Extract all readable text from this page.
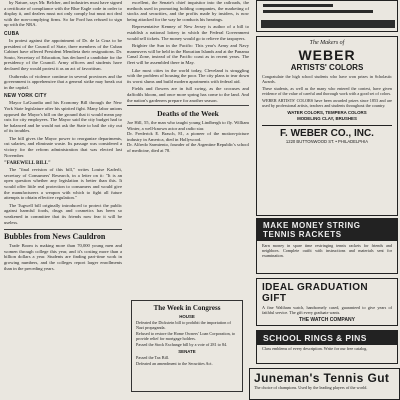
by Nature, says Mr. Belcher, and industries must have signed a certificate of compliance with the Blue Eagle code in order to display it, and dealers must not only comply but must not deal with the non-complying firms. So far Ford has refused to sign up with the NRA.

CUBA

In protest against the appointment of Dr. de la Cruz to be president of the Council of State, three members of the Cuban Cabinet have offered President Mendieta their resignations. Dr. Souto, Secretary of Education, has declared a candidate for the presidency of the Council. Army officers and students have declared they would protest it as an act of favoritism.

Outbreaks of violence continue in several provinces and the government is apprehensive that a general strike may break out in the capital.

NEW YORK CITY

Mayor LaGuardia and his Economy Bill through the New York State legislature after his spirited fight. Many labor unions opposed the Mayor's bill on the ground that it would mean pay cuts for city employees. The Mayor said the city budget had to be balanced and he would not ask the State to bail the city out of its troubles.

The bill gives the Mayor power to reorganize departments, cut salaries, and eliminate waste. Its passage was considered a victory for the reform administration that was elected last November.

"FAREWELL BILL"

The "final revision of this bill," writes Louise Kaderli, secretary of Consumers' Research, in a letter on it: "It is an open question whether any legislation is better than this. It would offer little real protection to consumers and would give the manufacturers a weapon with which to fight all future attempts to obtain effective regulation."

The Tugwell bill originally introduced to protect the public against harmful foods, drugs and cosmetics has been so weakened in committee that its friends now fear it will be useless.

Bubbles from News Cauldron

Trade Boom is making more than 70,000 young men and women through college this year, and it's costing more than a billion dollars a year. Students are finding part-time work in growing numbers, and the colleges report larger enrollments than in the preceding years.

excellent, the Senate's chief inquisitor into the railroads, the methods used in promoting holding companies, the marketing of stocks and securities, and the profits made by insiders, is now being attacked for the way he conducts his hearings.

Representative Kenney of New Jersey is author of a bill to establish a national lottery in which the Federal Government would sell tickets. The money would go to relieve the taxpayers.

Brighter the Sun in the Pacific: This year's Army and Navy maneuvers will be held in the Hawaiian Islands and at the Panama Canal Zone, instead of the Pacific coast as in recent years. The fleet will be assembled there in May.

Like most cities in the world today, Cleveland is struggling with the problem of housing the poor. The city plans to tear down its worst slums and build modern apartments with federal aid.

Fields and flowers are in full swing, as the crocuses and daffodils bloom, and once more spring has come to the land. And the nation's gardeners prepare for another season.

Deaths of the Week

Joe Hill, 55, the man who taught young Lindbergh to fly. William Winter, a well-known actor and radio star.

Dr. Frederick E. Brasch, 81, a pioneer of the motion-picture industry in America, died in Hollywood.

Dr. Alfredo Sarmiento, founder of the Argentine Republic's school of medicine, died at 78.

The Week in Congress
HOUSE

Defeated the Dickstein bill to prohibit the importation of Nazi propaganda.

Refused to restore the Home Owners' Loan Corporation, to provide relief for mortgage holders.

Passed the Stock Exchange bill by a vote of 281 to 84.

SENATE

Passed the Tax Bill.

Defeated an amendment to the Securities Act.

The Makers of
WEBER
ARTISTS' COLORS

Congratulate the high school students who have won prizes in Scholastic Awards.

These students, as well as the many who entered the contest, have given evidence of the value of careful and thorough work with a good set of colors.

WEBER ARTISTS' COLORS have been awarded prizes since 1853 and are used by professional artists, teachers and students throughout the country.

WATER COLORS, TEMPERA COLORS
MODELING CLAY, BRUSHES
F. WEBER CO., INC.
1220 BUTTONWOOD ST. • PHILADELPHIA
MAKE MONEY STRING TENNIS RACKETS
Earn money in spare time restringing tennis rackets for friends and neighbors. Complete outfit with instructions and materials sent for examination.
IDEAL GRADUATION GIFT
A fine Waltham watch, handsomely cased, guaranteed to give years of faithful service. The gift every graduate wants.
THE WATCH COMPANY
SCHOOL RINGS & PINS
Class emblems of every description. Write for our free catalog.
Juneman's Tennis Gut
The choice of champions. Used by the leading players of the world.
